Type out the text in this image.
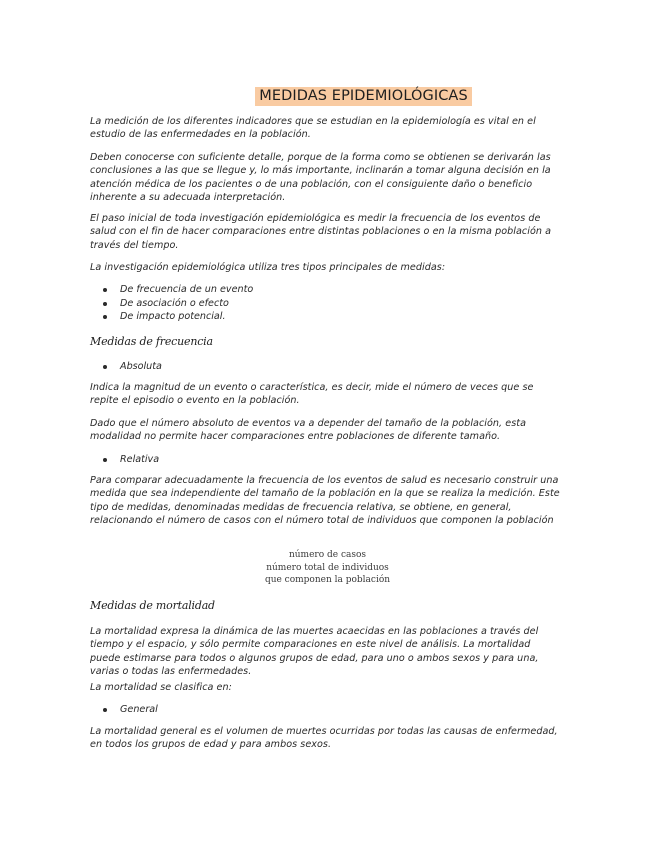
MEDIDAS EPIDEMIOLÓGICAS

La medición de los diferentes indicadores que se estudian en la epidemiología es vital en el estudio de las enfermedades en la población.

Deben conocerse con suficiente detalle, porque de la forma como se obtienen se derivarán las conclusiones a las que se llegue y, lo más importante, inclinarán a tomar alguna decisión en la atención médica de los pacientes o de una población, con el consiguiente daño o beneficio inherente a su adecuada interpretación.

El paso inicial de toda investigación epidemiológica es medir la frecuencia de los eventos de salud con el fin de hacer comparaciones entre distintas poblaciones o en la misma población a través del tiempo.

La investigación epidemiológica utiliza tres tipos principales de medidas:

De frecuencia de un evento
De asociación o efecto
De impacto potencial.
Medidas de frecuencia
Absoluta

Indica la magnitud de un evento o característica, es decir, mide el número de veces que se repite el episodio o evento en la población.

Dado que el número absoluto de eventos va a depender del tamaño de la población, esta modalidad no permite hacer comparaciones entre poblaciones de diferente tamaño.

Relativa

Para comparar adecuadamente la frecuencia de los eventos de salud es necesario construir una medida que sea independiente del tamaño de la población en la que se realiza la medición. Este tipo de medidas, denominadas medidas de frecuencia relativa, se obtiene, en general, relacionando el número de casos con el número total de individuos que componen la población

número de casos
número total de individuos
que componen la población
Medidas de mortalidad

La mortalidad expresa la dinámica de las muertes acaecidas en las poblaciones a través del tiempo y el espacio, y sólo permite comparaciones en este nivel de análisis. La mortalidad puede estimarse para todos o algunos grupos de edad, para uno o ambos sexos y para una, varias o todas las enfermedades.

La mortalidad se clasifica en:

General

La mortalidad general es el volumen de muertes ocurridas por todas las causas de enfermedad, en todos los grupos de edad y para ambos sexos.
